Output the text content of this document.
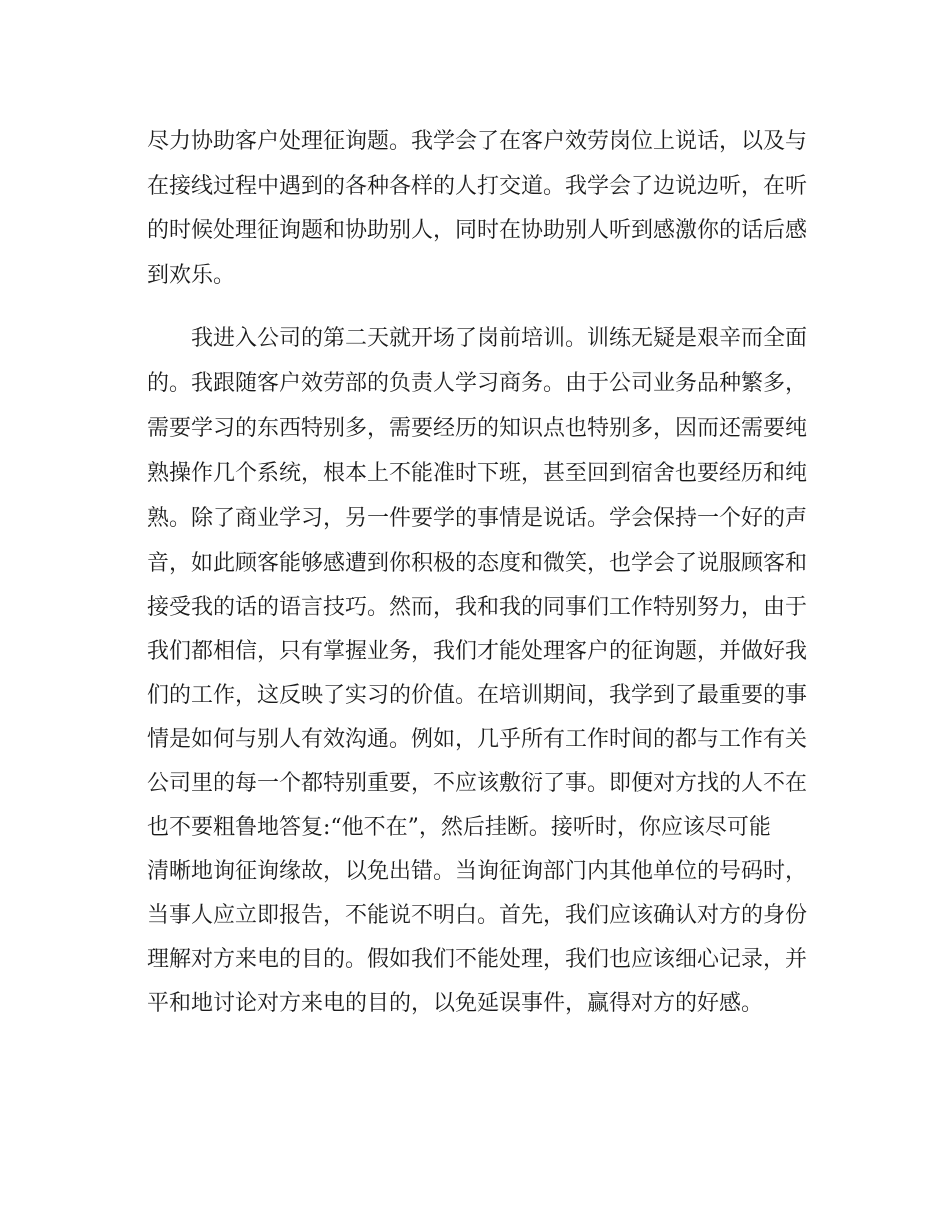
尽力协助客户处理征询题。我学会了在客户效劳岗位上说话，以及与
在接线过程中遇到的各种各样的人打交道。我学会了边说边听，在听
的时候处理征询题和协助别人，同时在协助别人听到感激你的话后感
到欢乐。
我进入公司的第二天就开场了岗前培训。训练无疑是艰辛而全面
的。我跟随客户效劳部的负责人学习商务。由于公司业务品种繁多，
需要学习的东西特别多，需要经历的知识点也特别多，因而还需要纯
熟操作几个系统，根本上不能准时下班，甚至回到宿舍也要经历和纯
熟。除了商业学习，另一件要学的事情是说话。学会保持一个好的声
音，如此顾客能够感遭到你积极的态度和微笑，也学会了说服顾客和
接受我的话的语言技巧。然而，我和我的同事们工作特别努力，由于
我们都相信，只有掌握业务，我们才能处理客户的征询题，并做好我
们的工作，这反映了实习的价值。在培训期间，我学到了最重要的事
情是如何与别人有效沟通。例如，几乎所有工作时间的都与工作有关
公司里的每一个都特别重要，不应该敷衍了事。即便对方找的人不在
也不要粗鲁地答复:“他不在”，然后挂断。接听时，你应该尽可能
清晰地询征询缘故，以免出错。当询征询部门内其他单位的号码时，
当事人应立即报告，不能说不明白。首先，我们应该确认对方的身份
理解对方来电的目的。假如我们不能处理，我们也应该细心记录，并
平和地讨论对方来电的目的，以免延误事件，赢得对方的好感。
